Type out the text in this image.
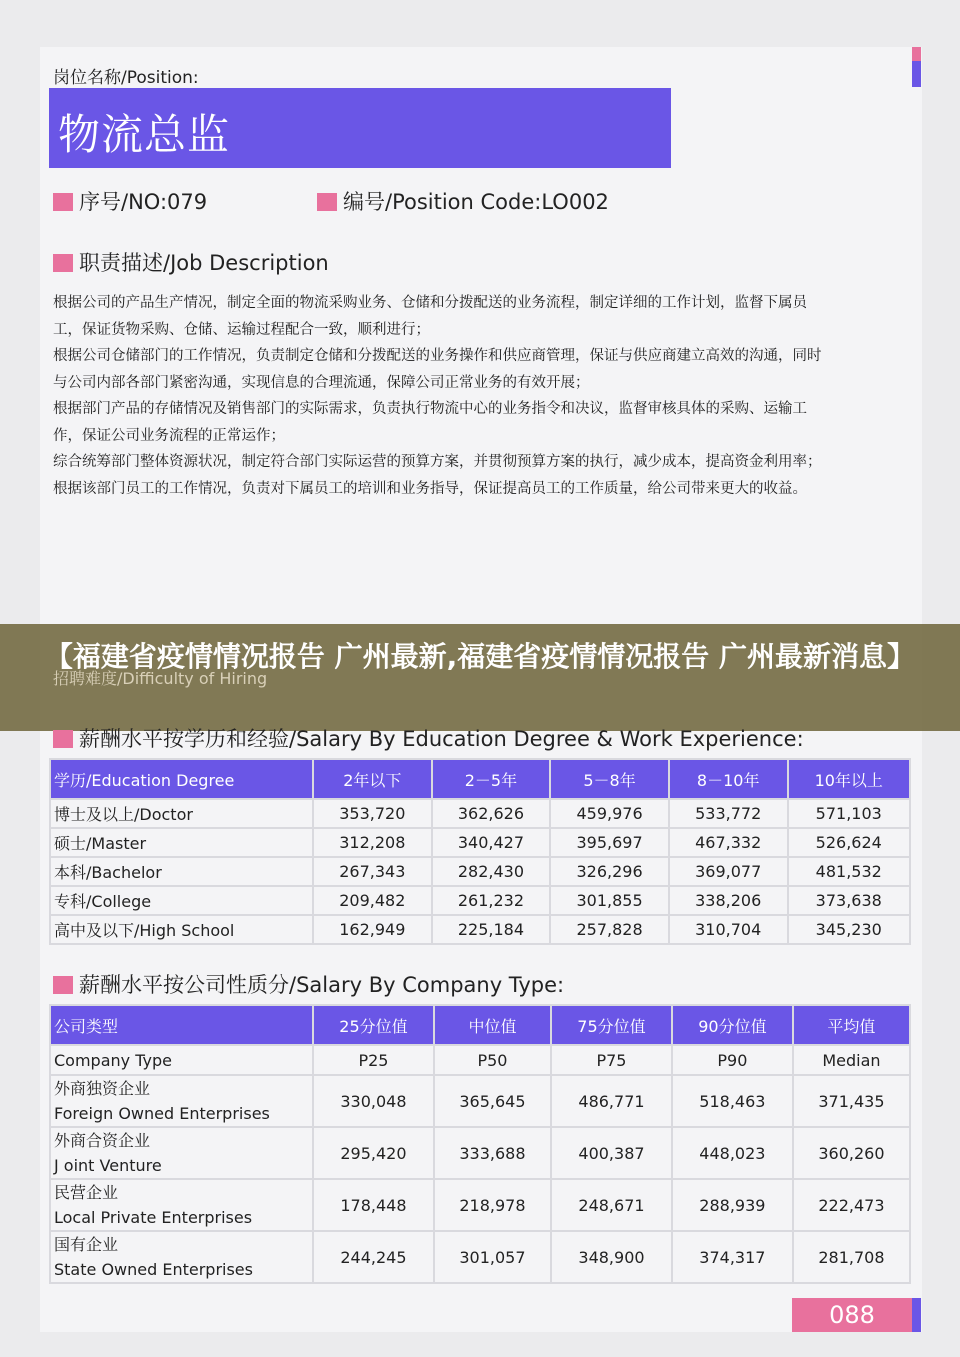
岗位名称/Position:
物流总监
序号/NO:079	编号/Position Code:LO002
职责描述/Job Description

根据公司的产品生产情况，制定全面的物流采购业务、仓储和分拨配送的业务流程，制定详细的工作计划，监督下属员

工，保证货物采购、仓储、运输过程配合一致，顺利进行；

根据公司仓储部门的工作情况，负责制定仓储和分拨配送的业务操作和供应商管理，保证与供应商建立高效的沟通，同时

与公司内部各部门紧密沟通，实现信息的合理流通，保障公司正常业务的有效开展；

根据部门产品的存储情况及销售部门的实际需求，负责执行物流中心的业务指令和决议，监督审核具体的采购、运输工

作，保证公司业务流程的正常运作；

综合统筹部门整体资源状况，制定符合部门实际运营的预算方案，并贯彻预算方案的执行，减少成本，提高资金利用率；

根据该部门员工的工作情况，负责对下属员工的培训和业务指导，保证提高员工的工作质量，给公司带来更大的收益。

招聘难度/Difficulty of Hiring
【福建省疫情情况报告 广州最新,福建省疫情情况报告 广州最新消息】
薪酬水平按学历和经验/Salary By Education Degree & Work Experience:
学历/Education Degree	2年以下	2－5年	5－8年	8－10年	10年以上
博士及以上/Doctor	353,720	362,626	459,976	533,772	571,103
硕士/Master	312,208	340,427	395,697	467,332	526,624
本科/Bachelor	267,343	282,430	326,296	369,077	481,532
专科/College	209,482	261,232	301,855	338,206	373,638
高中及以下/High School	162,949	225,184	257,828	310,704	345,230
薪酬水平按公司性质分/Salary By Company Type:
公司类型	25分位值	中位值	75分位值	90分位值	平均值
Company Type	P25	P50	P75	P90	Median
外商独资企业
Foreign Owned Enterprises	330,048	365,645	486,771	518,463	371,435
外商合资企业
J oint Venture	295,420	333,688	400,387	448,023	360,260
民营企业
Local Private Enterprises	178,448	218,978	248,671	288,939	222,473
国有企业
State Owned Enterprises	244,245	301,057	348,900	374,317	281,708
088
